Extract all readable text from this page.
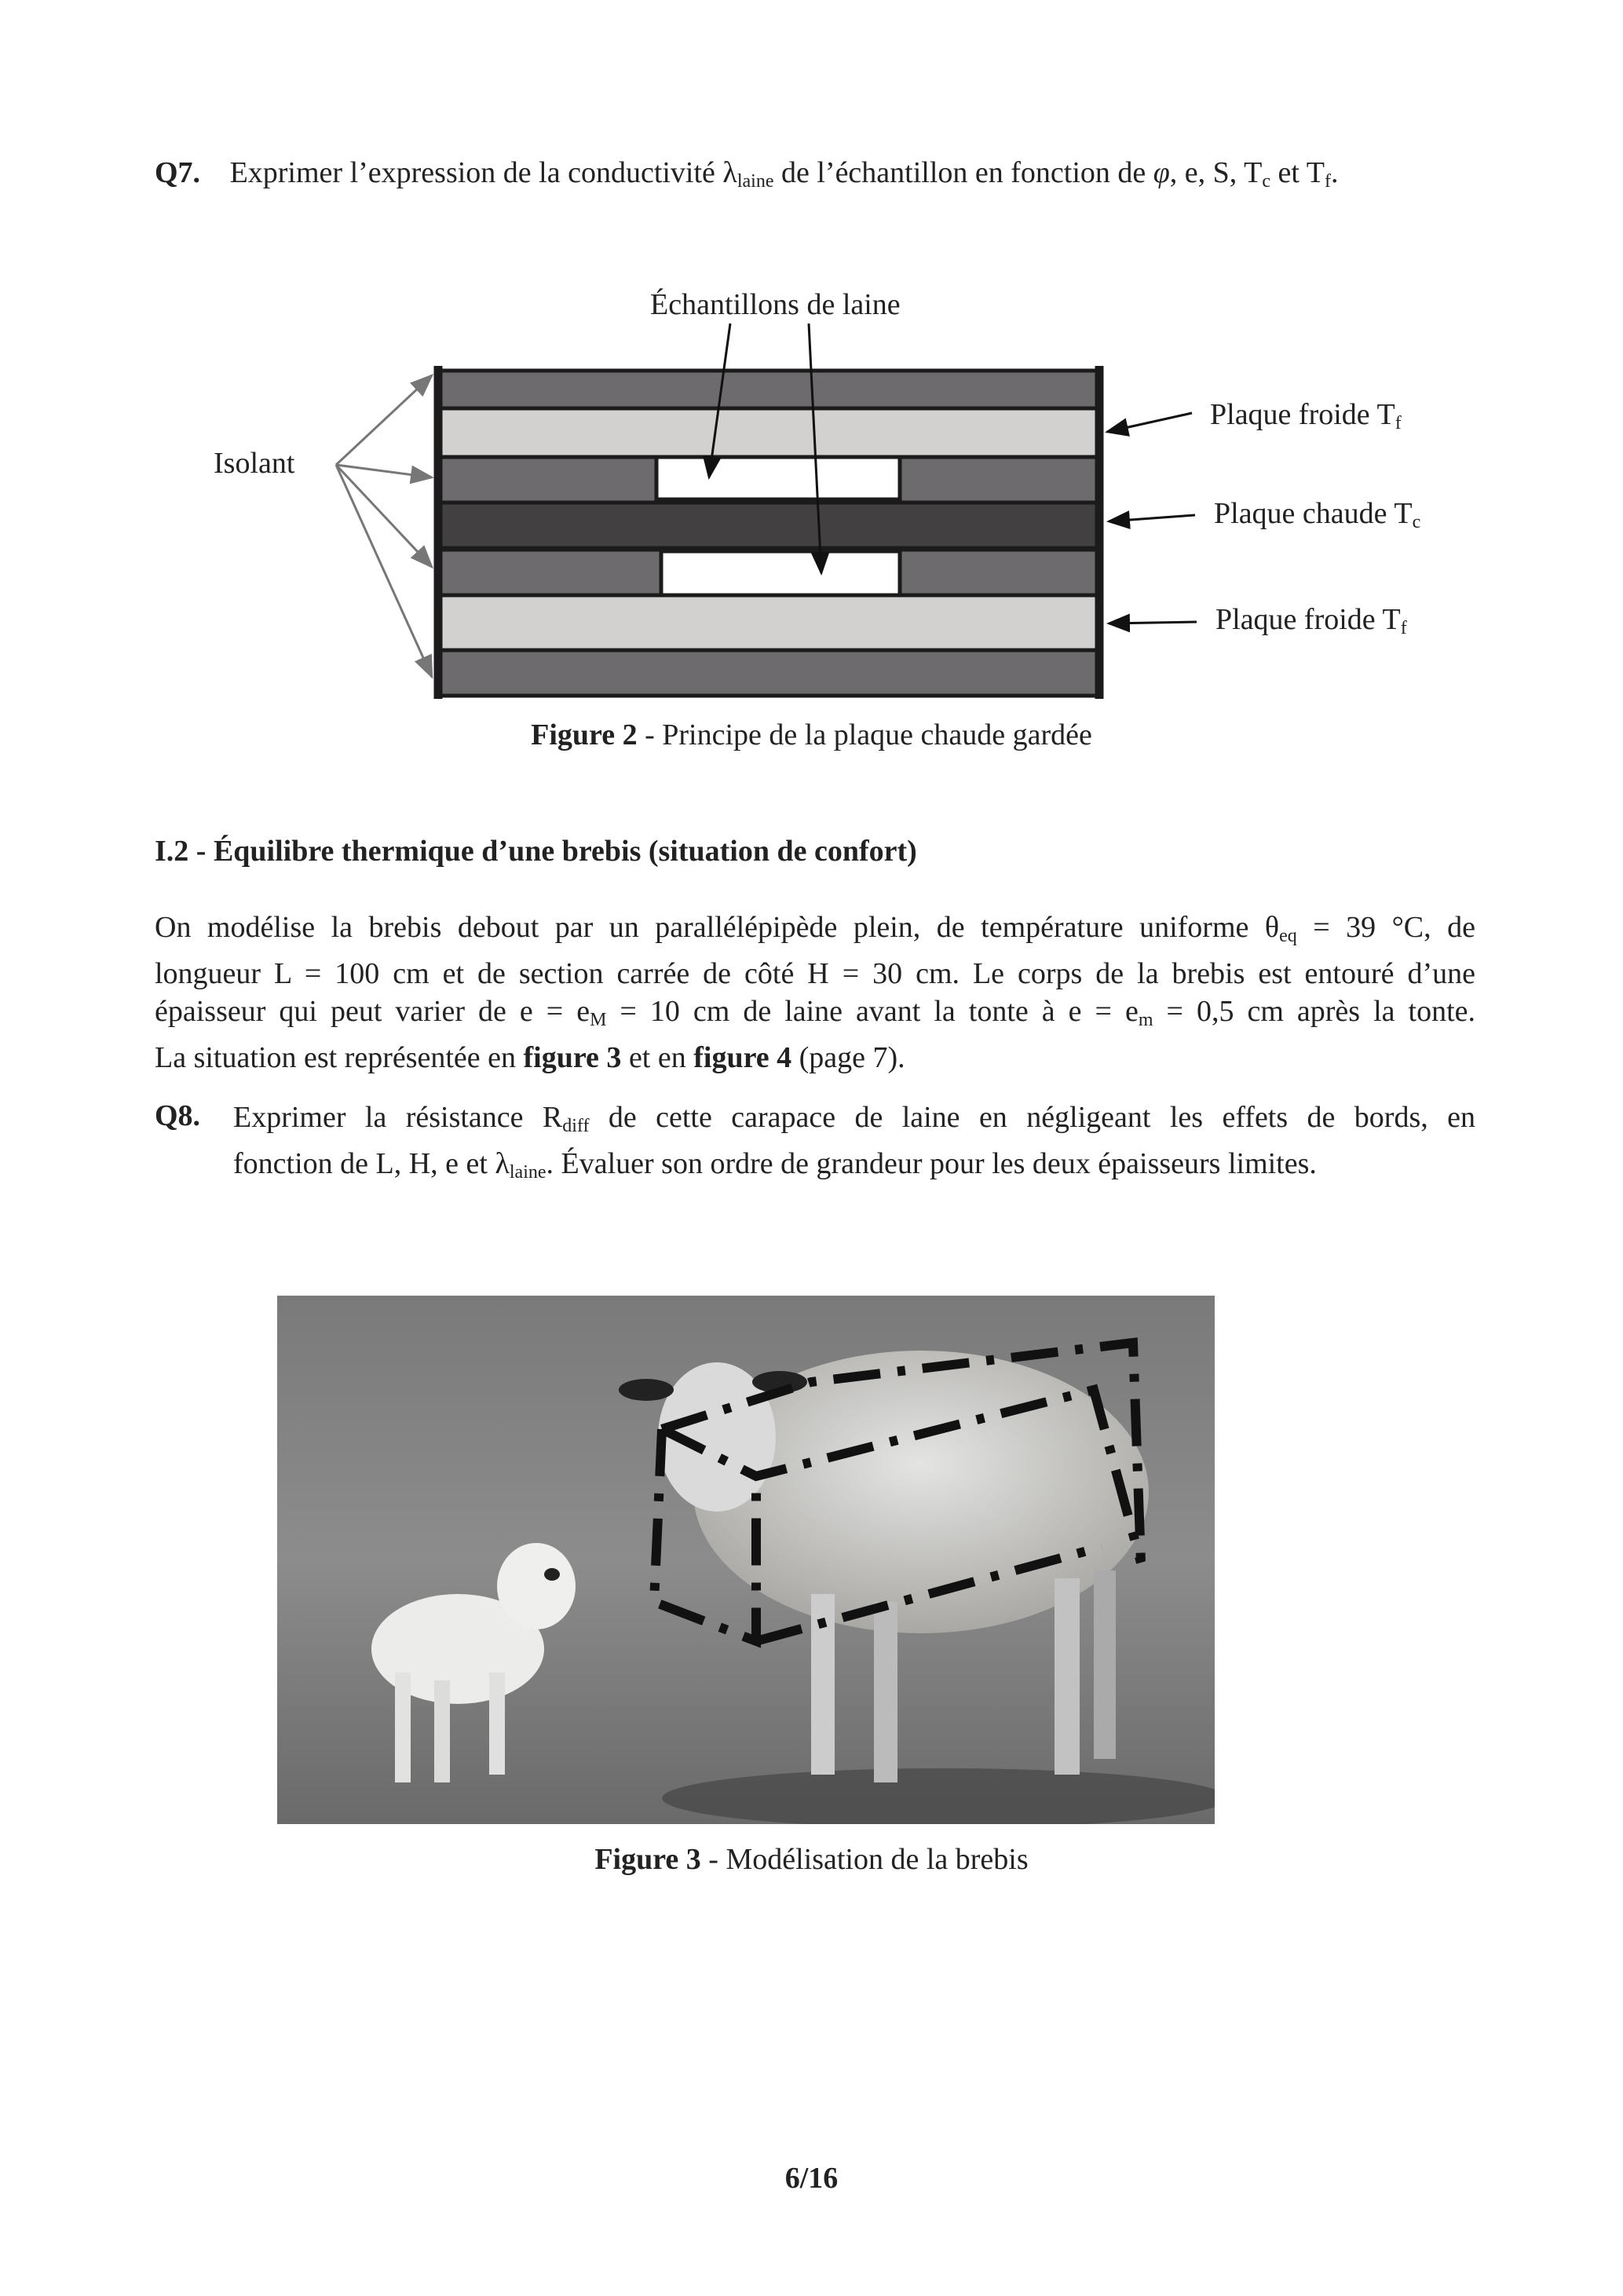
Q7. Exprimer l’expression de la conductivité $\lambda_{laine}$ de l’échantillon en fonction de φ, e, S, $T_c$ et $T_f$.
Échantillons de laine
Isolant
Plaque froide $T_f$
Plaque chaude $T_c$
Plaque froide $T_f$
Figure 2 - Principe de la plaque chaude gardée
I.2 - Équilibre thermique d’une brebis (situation de confort)
On modélise la brebis debout par un parallélépipède plein, de température uniforme $\theta_{eq} = 39$ °C, de
longueur L = 100 cm et de section carrée de côté H = 30 cm. Le corps de la brebis est entouré d’une
épaisseur qui peut varier de $e = e_M = 10$ cm de laine avant la tonte à $e = e_m = 0,5$ cm après la tonte.
La situation est représentée en figure 3 et en figure 4 (page 7).
Q8. Exprimer la résistance $R_{diff}$ de cette carapace de laine en négligeant les effets de bords, en
fonction de L, H, e et $\lambda_{laine}$. Évaluer son ordre de grandeur pour les deux épaisseurs limites.
Figure 3 - Modélisation de la brebis
6/16
